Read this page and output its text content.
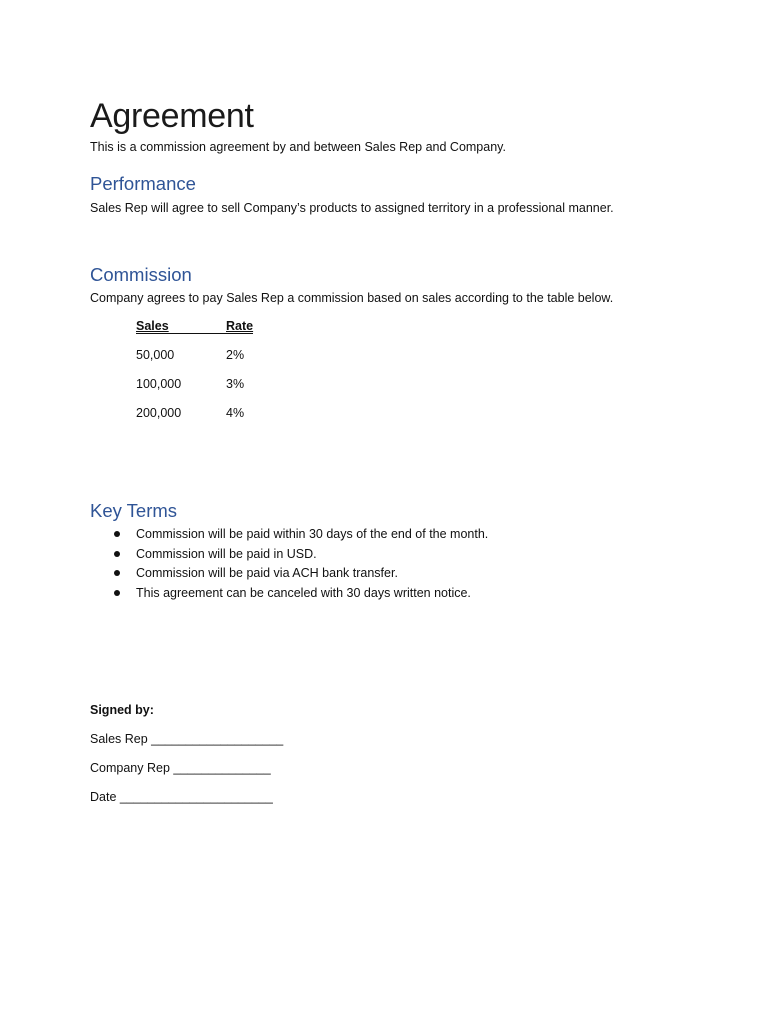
Agreement

This is a commission agreement by and between Sales Rep and Company.

Performance

Sales Rep will agree to sell Company’s products to assigned territory in a professional manner.

Commission

Company agrees to pay Sales Rep a commission based on sales according to the table below.

Sales	Rate
50,000	2%
100,000	3%
200,000	4%
Key Terms
Commission will be paid within 30 days of the end of the month.
Commission will be paid in USD.
Commission will be paid via ACH bank transfer.
This agreement can be canceled with 30 days written notice.

Signed by:

Sales Rep ___________________

Company Rep ______________

Date ______________________
